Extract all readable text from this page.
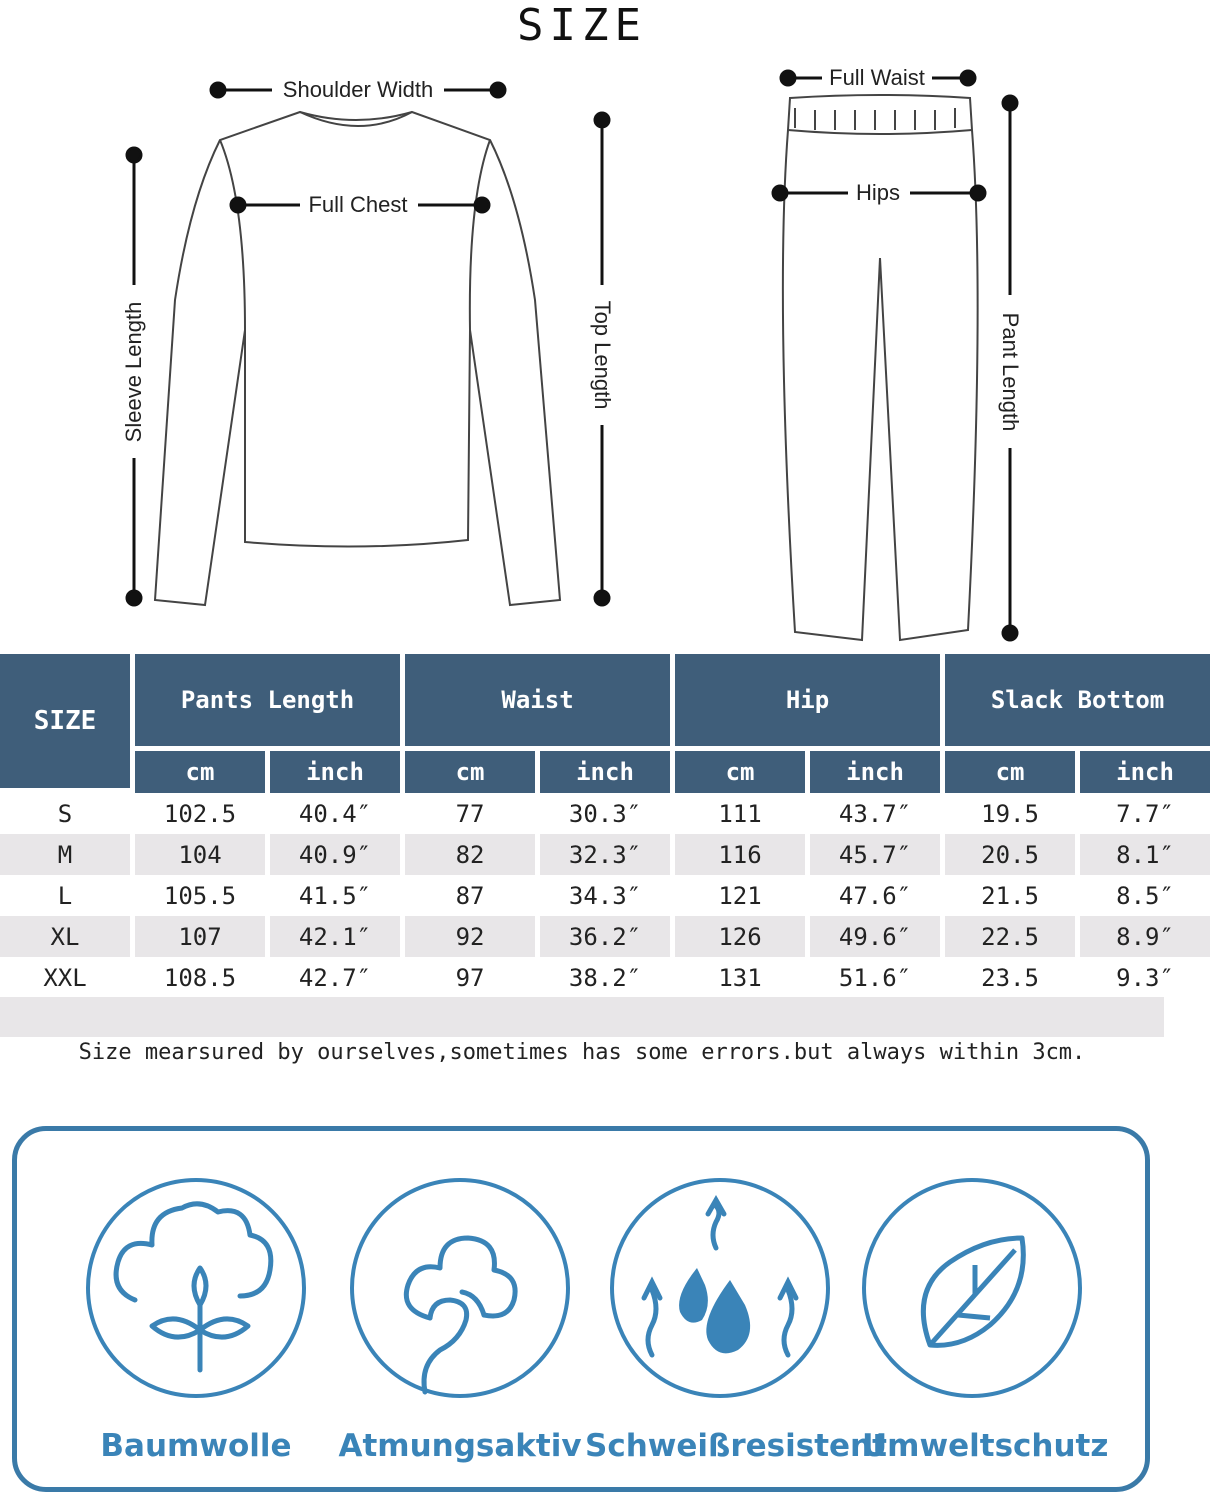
SIZE
Shoulder Width
Full Chest
Sleeve Length	Top Length
Full Waist
Hips
Pant Length
SIZE	Pants Length		Waist		Hip		Slack Bottom	
	cm	inch	cm	inch	cm	inch	cm	inch
S	102.5	40.4″	77	30.3″	111	43.7″	19.5	7.7″
M	104	40.9″	82	32.3″	116	45.7″	20.5	8.1″
L	105.5	41.5″	87	34.3″	121	47.6″	21.5	8.5″
XL	107	42.1″	92	36.2″	126	49.6″	22.5	8.9″
XXL	108.5	42.7″	97	38.2″	131	51.6″	23.5	9.3″
Size mearsured by ourselves,sometimes has some errors.but always within 3cm.
Baumwolle	Atmungsaktiv Schweißresistent
Umweltschutz
